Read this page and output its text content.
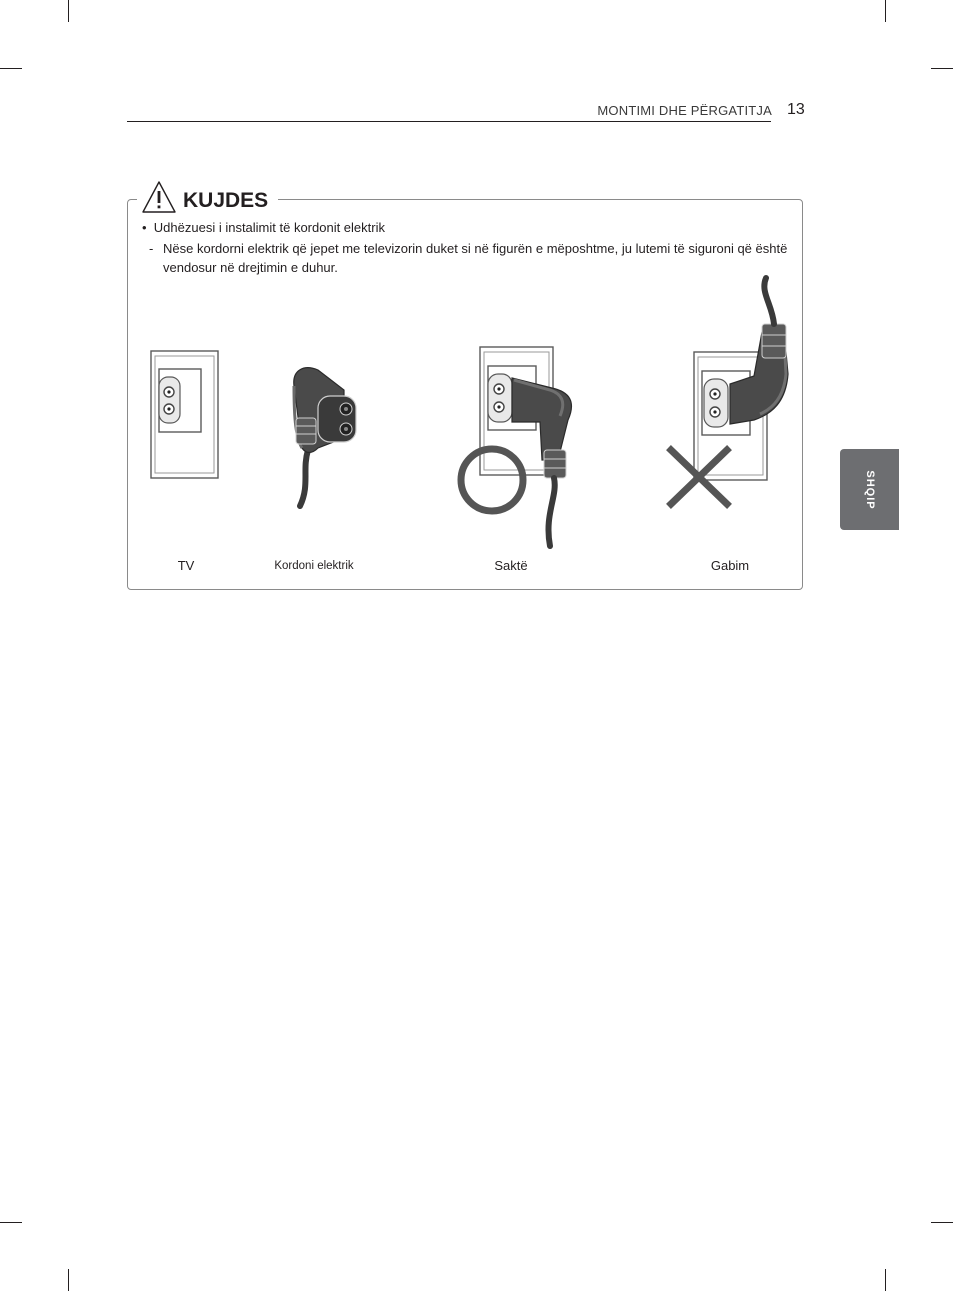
MONTIMI DHE PËRGATITJA 13
KUJDES
•  Udhëzuesi i instalimit të kordonit elektrik
- Nëse kordorni elektrik që jepet me televizorin duket si në figurën e mëposhtme, ju lutemi të siguroni që është vendosur në drejtimin e duhur.
TV	Kordoni elektrik	Saktë	Gabim
SHQIP
